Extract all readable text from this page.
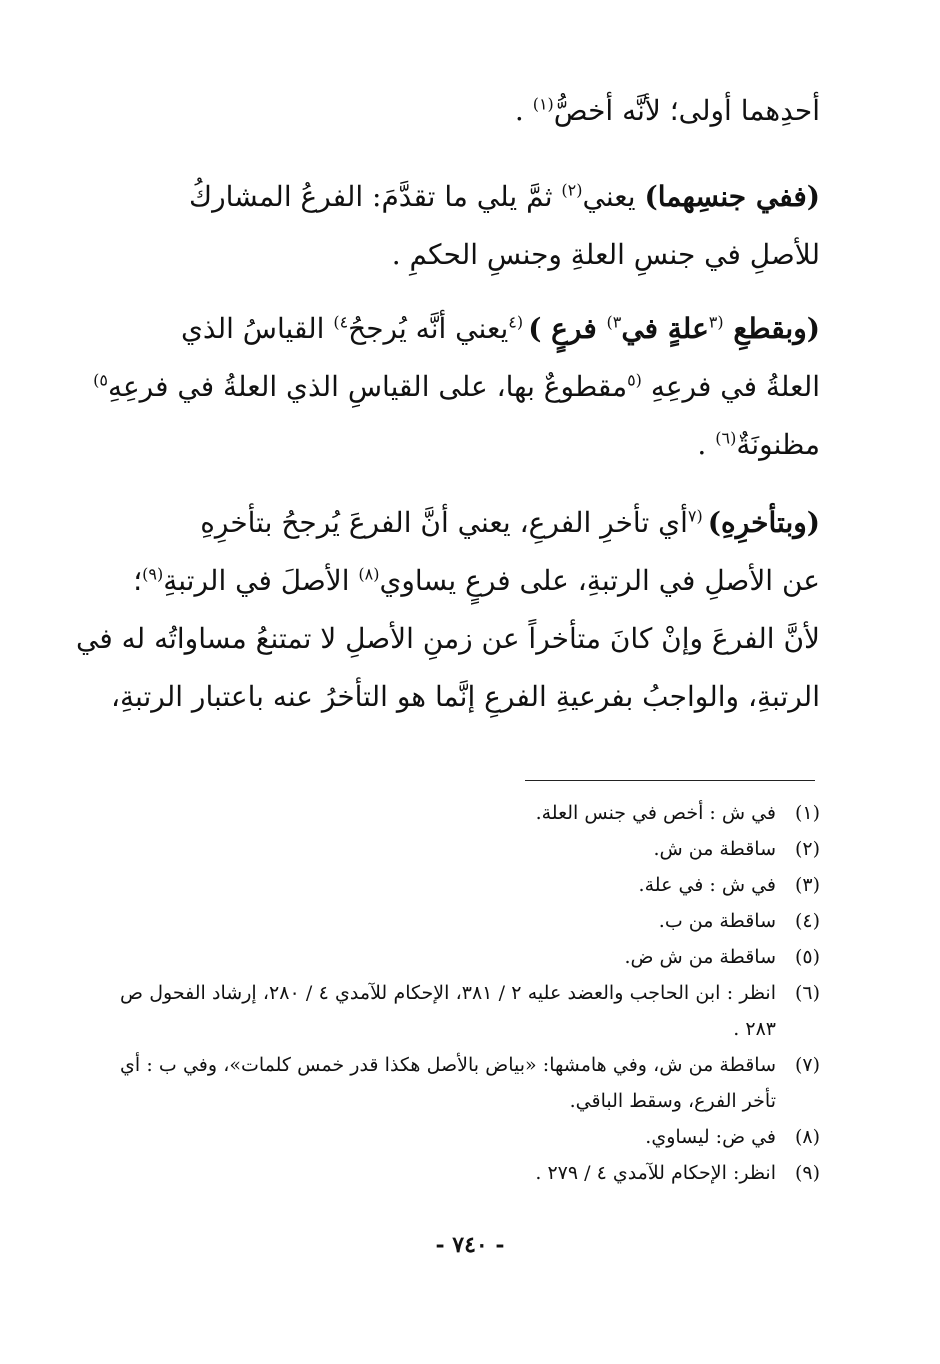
أحدِهما أولى؛ لأنَّه أخصُّ$^{(١)}$ .
(ففي جنسِهما) يعني$^{(٢)}$ ثمَّ يلي ما تقدَّمَ: الفرعُ المشاركُ
للأصلِ في جنسِ العلةِ وجنسِ الحكمِ .
(وبقطعِ $^{(٣}$علةٍ في$^{٣)}$ فرعٍ ) $^{(٤}$يعني أنَّه يُرجحُ$^{٤)}$ القياسُ الذي
العلةُ في فرعِهِ $^{(٥}$مقطوعٌ بها، على القياسِ الذي العلةُ في فرعِهِ$^{٥)}$
مظنونَةٌ$^{(٦)}$ .
(وبتأخرِهِ) $^{(٧}$أي تأخرِ الفرعِ، يعني أنَّ الفرعَ يُرجحُ بتأخرِهِ
عن الأصلِ في الرتبةِ، على فرعٍ يساوي$^{(٨)}$ الأصلَ في الرتبةِ$^{(٩)}$؛
لأنَّ الفرعَ وإنْ كانَ متأخراً عن زمنِ الأصلِ لا تمتنعُ مساواتُه له في
الرتبةِ، والواجبُ بفرعيةِ الفرعِ إنَّما هو التأخرُ عنه باعتبار الرتبةِ،
(١)
في ش : أخص في جنس العلة.
(٢)
ساقطة من ش.
(٣)
في ش : في علة.
(٤)
ساقطة من ب.
(٥)
ساقطة من ش ض.
(٦)
انظر : ابن الحاجب والعضد عليه ٢ / ٣٨١، الإحكام للآمدي ٤ / ٢٨٠، إرشاد الفحول ص ٢٨٣ .
(٧)
ساقطة من ش، وفي هامشها: «بياض بالأصل هكذا قدر خمس كلمات»، وفي ب : أي تأخر الفرع، وسقط الباقي.
(٨)
في ض: ليساوي.
(٩)
انظر: الإحكام للآمدي ٤ / ٢٧٩ .
- ٧٤٠ -
